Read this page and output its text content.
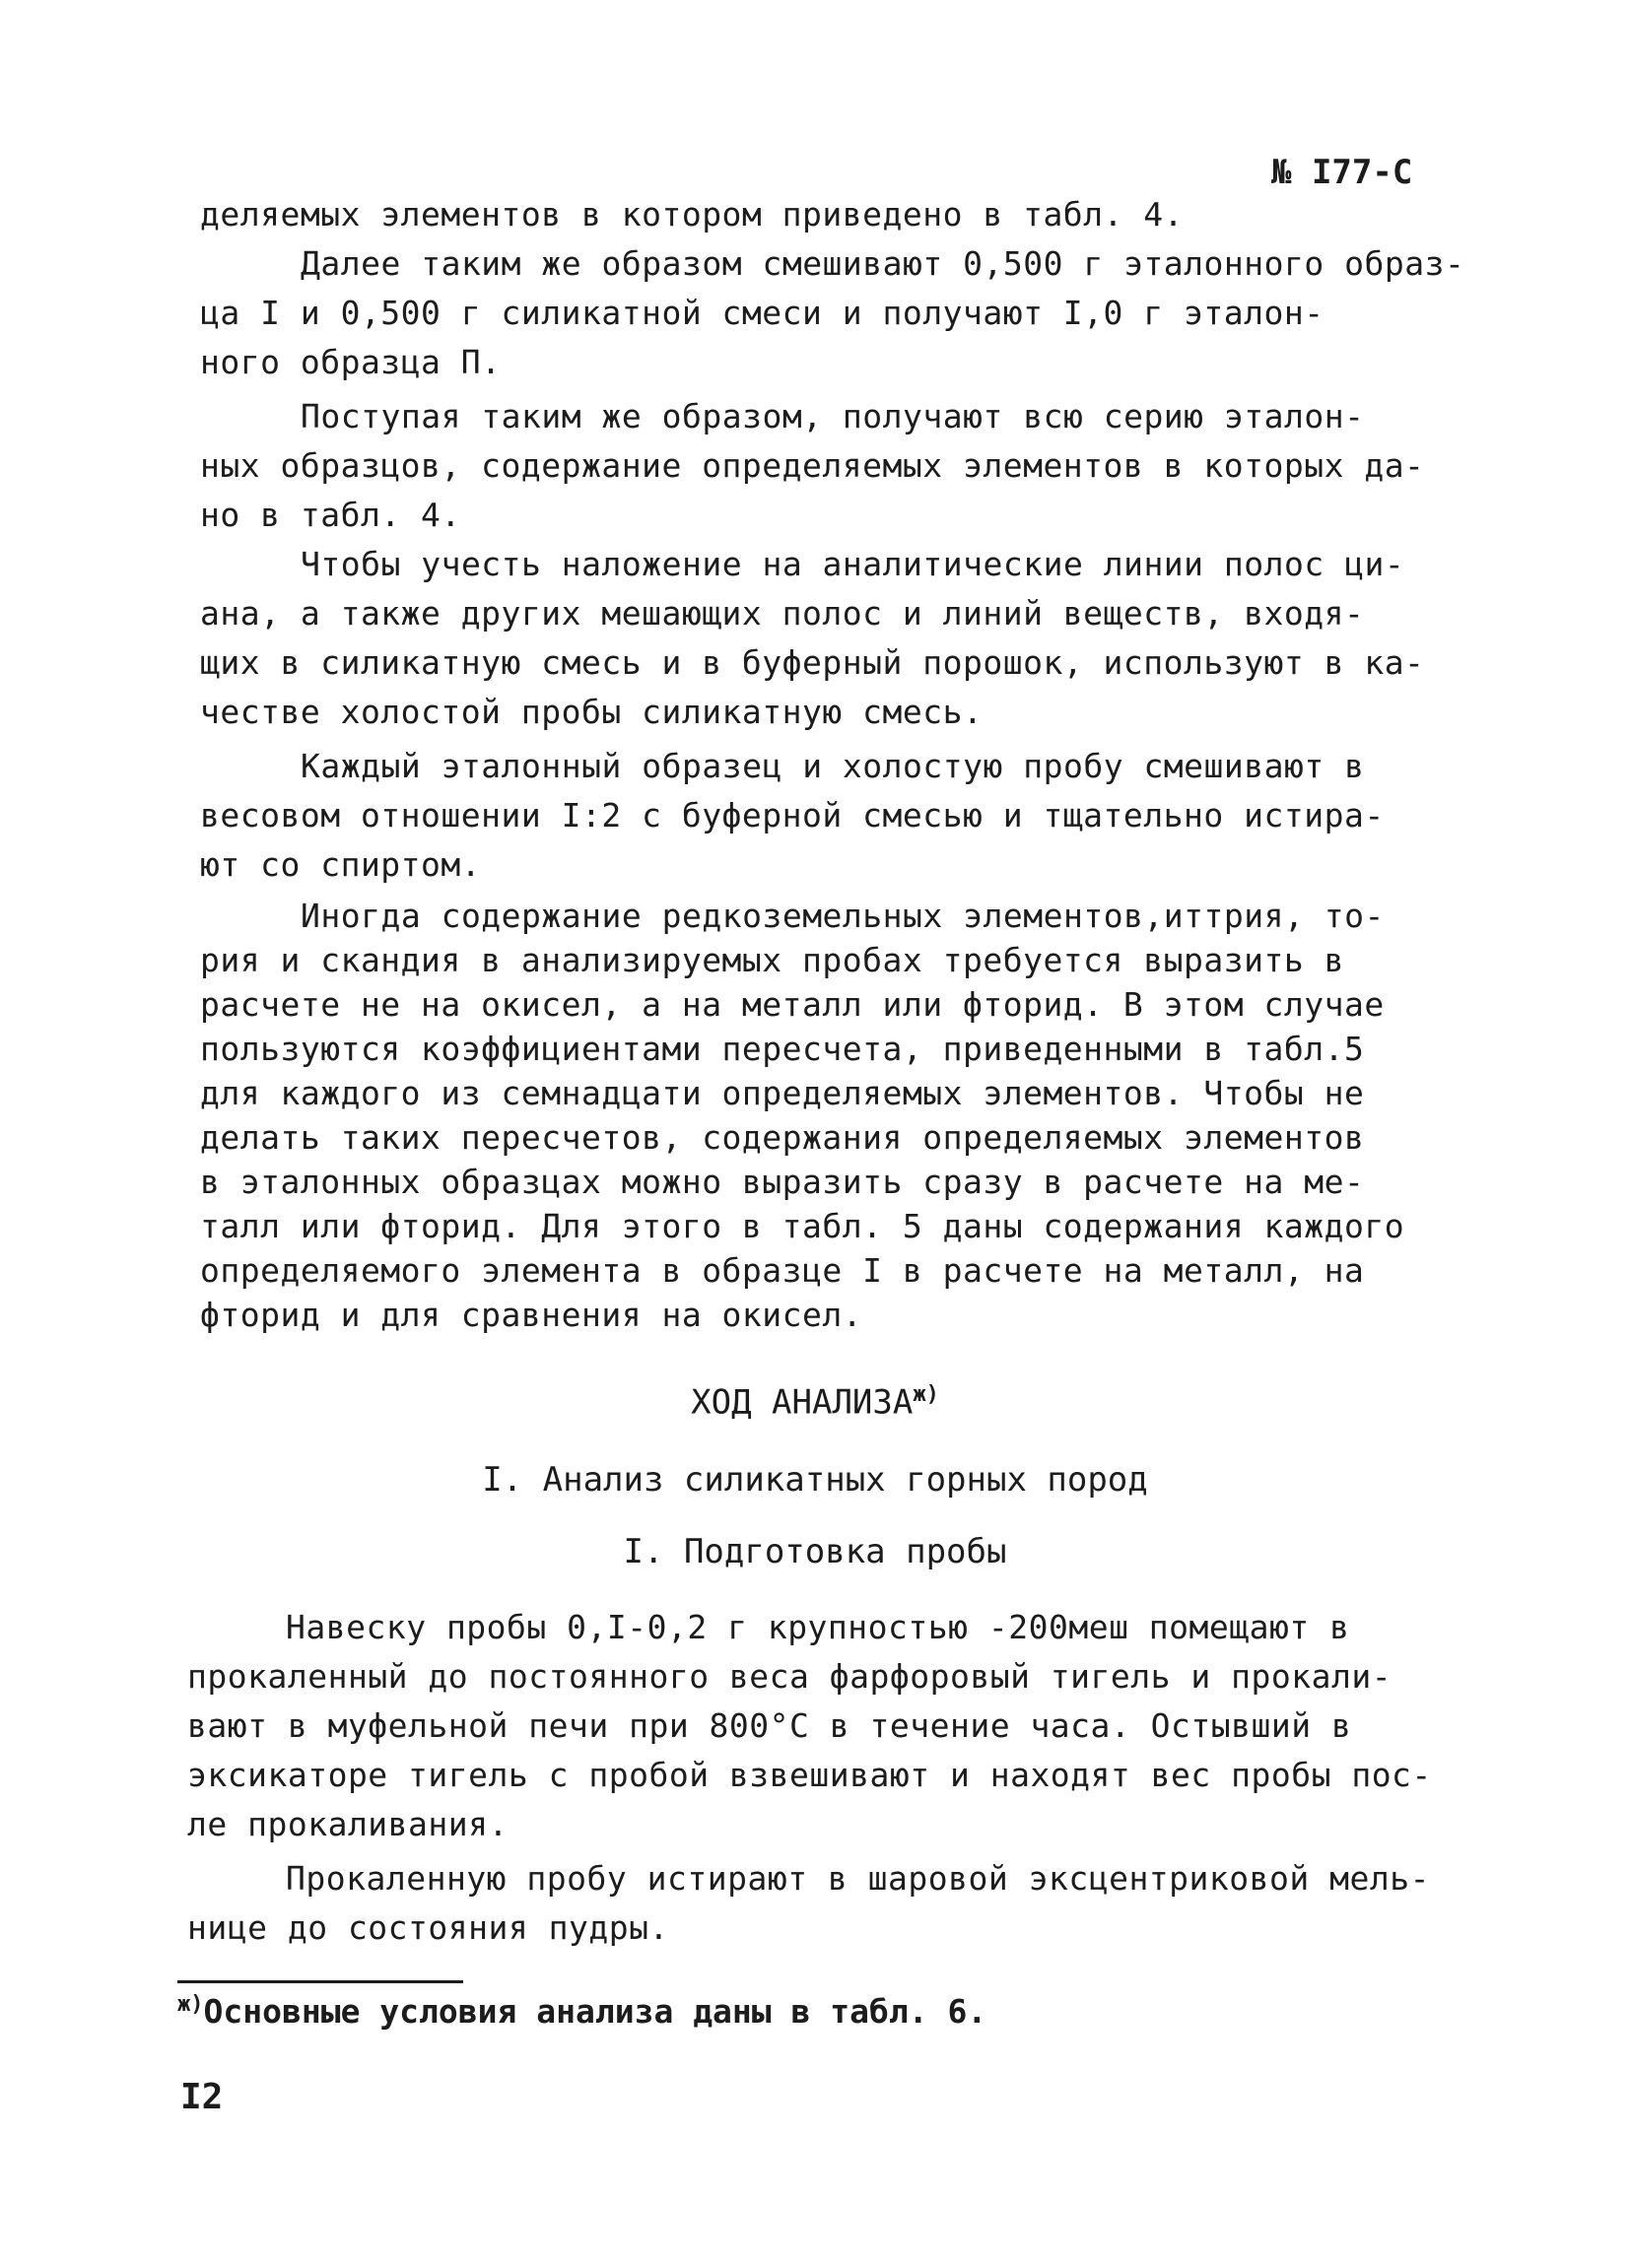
№ I77-С
деляемых элементов в котором приведено в табл. 4.
Далее таким же образом смешивают 0,500 г эталонного образ-
ца I и 0,500 г силикатной смеси и получают I,0 г эталон-
ного образца П.
Поступая таким же образом, получают всю серию эталон-
ных образцов, содержание определяемых элементов в которых да-
но в табл. 4.
Чтобы учесть наложение на аналитические линии полос ци-
ана, а также других мешающих полос и линий веществ, входя-
щих в силикатную смесь и в буферный порошок, используют в ка-
честве холостой пробы силикатную смесь.
Каждый эталонный образец и холостую пробу смешивают в
весовом отношении I:2 с буферной смесью и тщательно истира-
ют со спиртом.
Иногда содержание редкоземельных элементов,иттрия, то-
рия и скандия в анализируемых пробах требуется выразить в
расчете не на окисел, а на металл или фторид. В этом случае
пользуются коэффициентами пересчета, приведенными в табл.5
для каждого из семнадцати определяемых элементов. Чтобы не
делать таких пересчетов, содержания определяемых элементов
в эталонных образцах можно выразить сразу в расчете на ме-
талл или фторид. Для этого в табл. 5 даны содержания каждого
определяемого элемента в образце I в расчете на металл, на
фторид и для сравнения на окисел.
ХОД $АНАЛИЗА^{ж)}$
I. Анализ силикатных горных пород
I. Подготовка пробы
Навеску пробы 0,I-0,2 г крупностью -200меш помещают в
прокаленный до постоянного веса фарфоровый тигель и прокали-
вают в муфельной печи при 800°С в течение часа. Остывший в
эксикаторе тигель с пробой взвешивают и находят вес пробы пос-
ле прокаливания.
Прокаленную пробу истирают в шаровой эксцентриковой мель-
нице до состояния пудры.
$^{ж)}$Основные условия анализа даны в табл. 6.
I2
